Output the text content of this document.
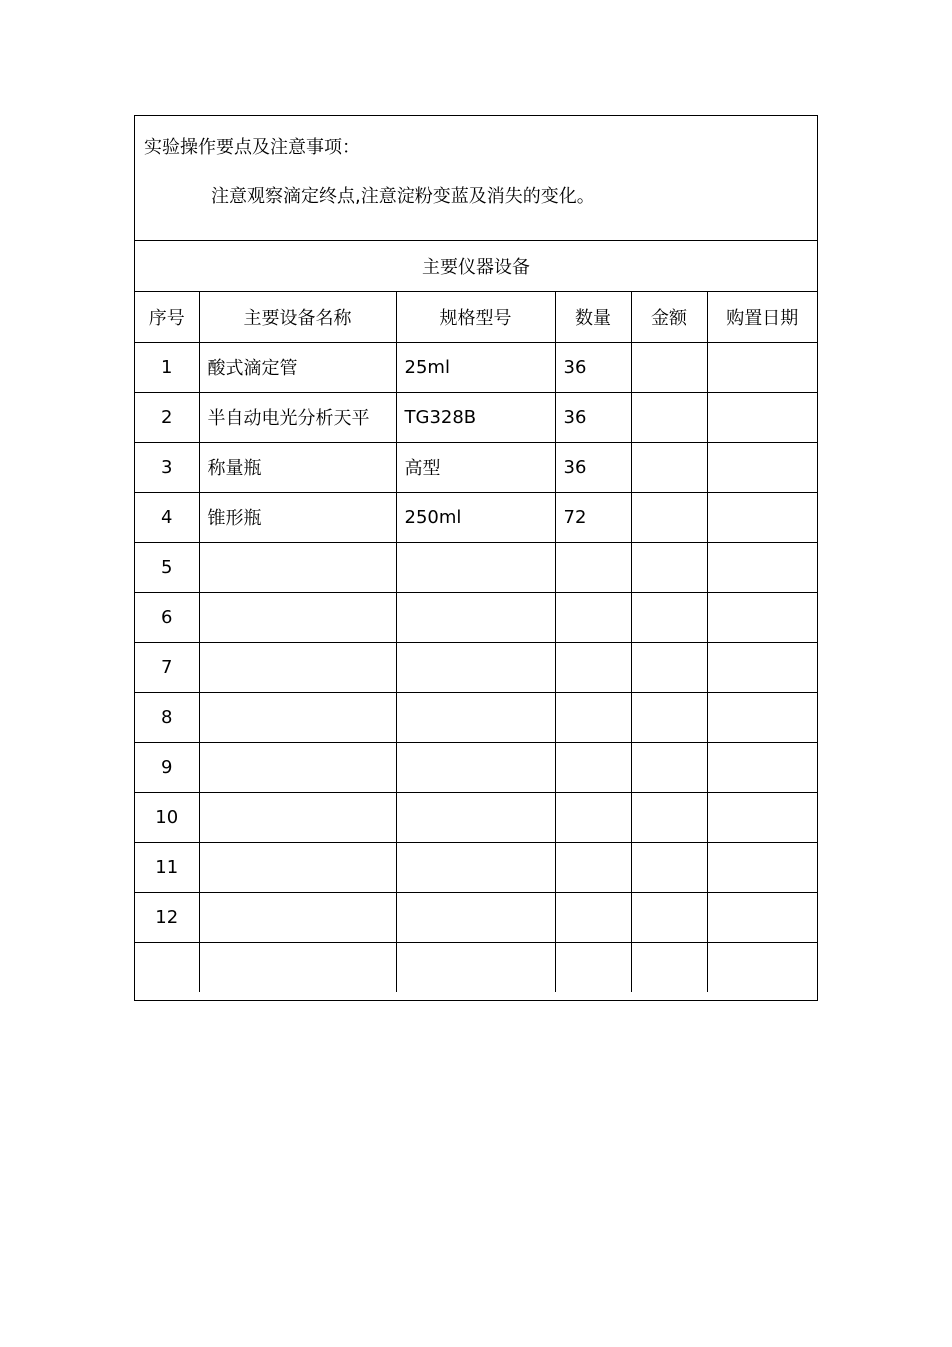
实验操作要点及注意事项：
注意观察滴定终点,注意淀粉变蓝及消失的变化。
主要仪器设备
序号	主要设备名称	规格型号	数量	金额	购置日期
1	酸式滴定管	25ml	36		
2	半自动电光分析天平	TG328B	36		
3	称量瓶	高型	36		
4	锥形瓶	250ml	72		
5					
6					
7					
8					
9					
10					
11					
12					
